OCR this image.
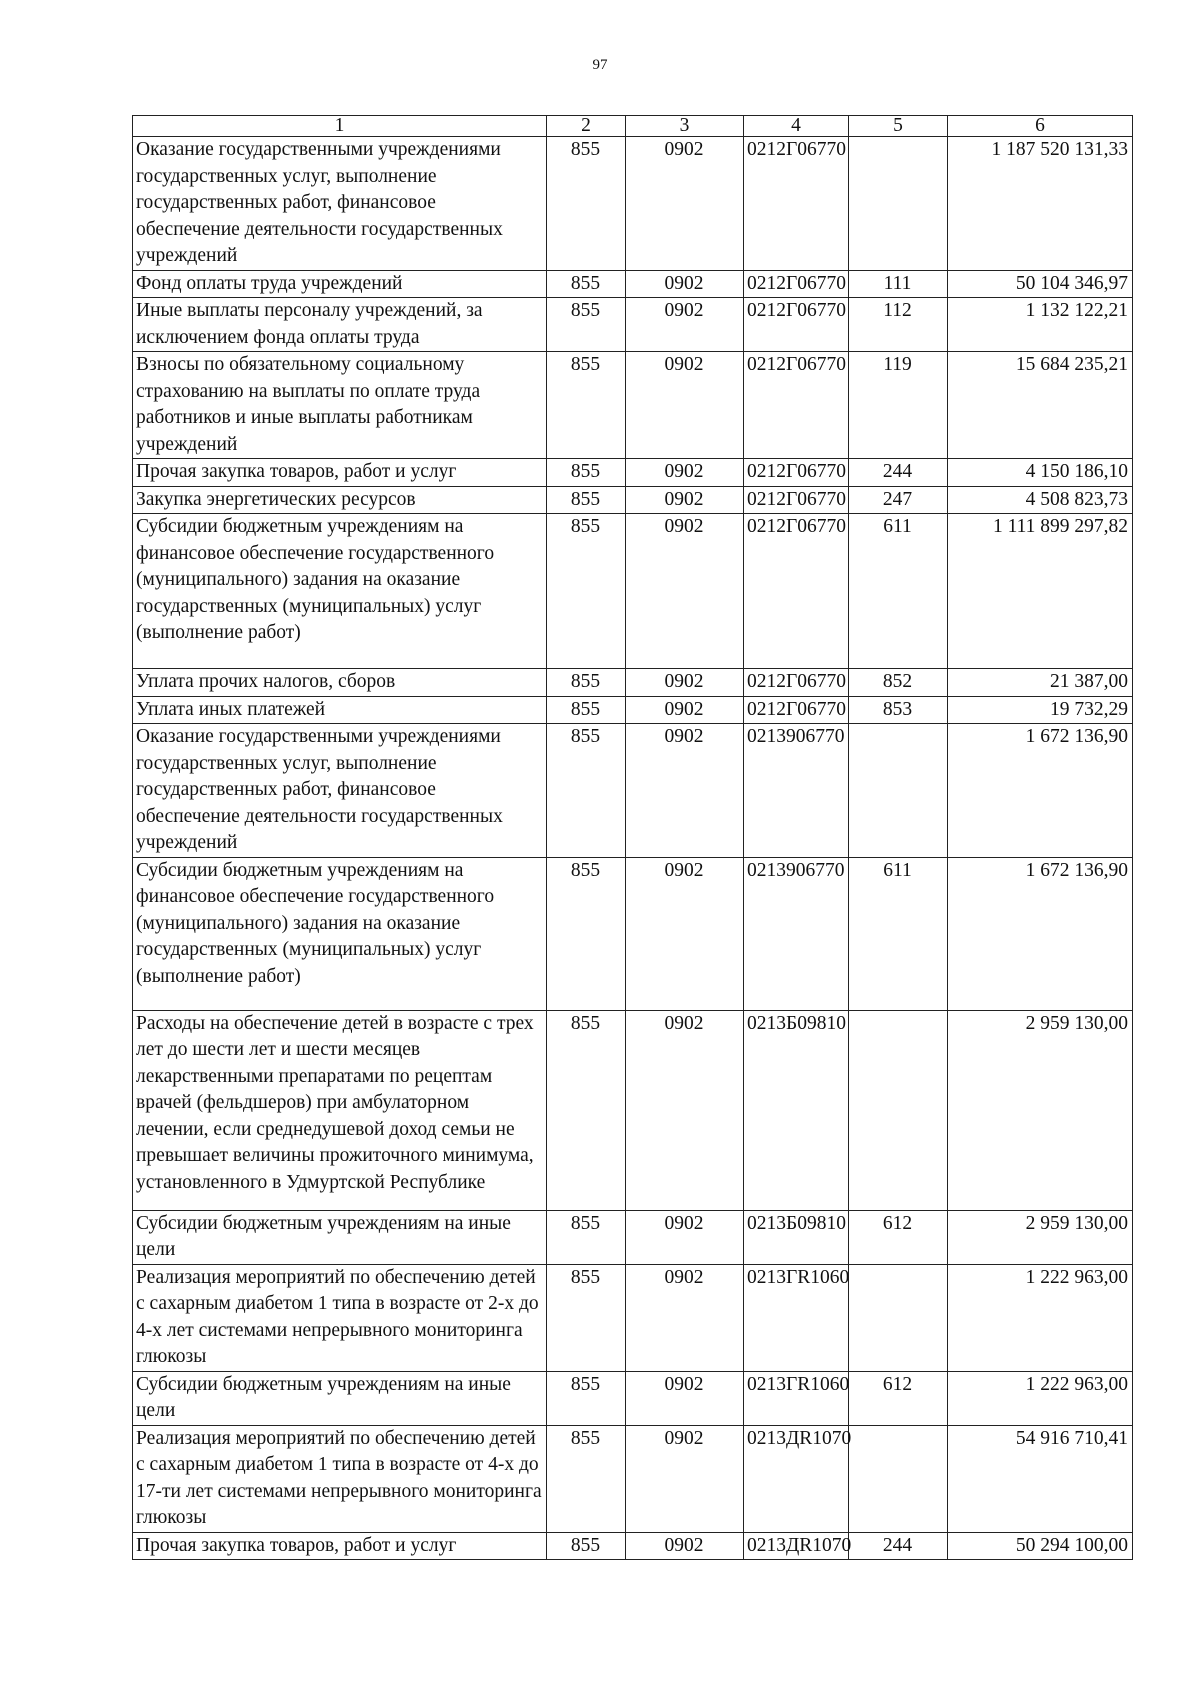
97
1	2	3	4	5	6
Оказание государственными учреждениями государственных услуг, выполнение государственных работ, финансовое обеспечение деятельности государственных учреждений	855	0902	0212Г06770		1 187 520 131,33
Фонд оплаты труда учреждений	855	0902	0212Г06770	111	50 104 346,97
Иные выплаты персоналу учреждений, за исключением фонда оплаты труда	855	0902	0212Г06770	112	1 132 122,21
Взносы по обязательному социальному страхованию на выплаты по оплате труда работников и иные выплаты работникам учреждений	855	0902	0212Г06770	119	15 684 235,21
Прочая закупка товаров, работ и услуг	855	0902	0212Г06770	244	4 150 186,10
Закупка энергетических ресурсов	855	0902	0212Г06770	247	4 508 823,73
Субсидии бюджетным учреждениям на финансовое обеспечение государственного (муниципального) задания на оказание государственных (муниципальных) услуг (выполнение работ)	855	0902	0212Г06770	611	1 111 899 297,82
Уплата прочих налогов, сборов	855	0902	0212Г06770	852	21 387,00
Уплата иных платежей	855	0902	0212Г06770	853	19 732,29
Оказание государственными учреждениями государственных услуг, выполнение государственных работ, финансовое обеспечение деятельности государственных учреждений	855	0902	0213906770		1 672 136,90
Субсидии бюджетным учреждениям на финансовое обеспечение государственного (муниципального) задания на оказание государственных (муниципальных) услуг (выполнение работ)	855	0902	0213906770	611	1 672 136,90
Расходы на обеспечение детей в возрасте с трех лет до шести лет и шести месяцев лекарственными препаратами по рецептам врачей (фельдшеров) при амбулаторном лечении, если среднедушевой доход семьи не превышает величины прожиточного минимума, установленного в Удмуртской Республике	855	0902	0213Б09810		2 959 130,00
Субсидии бюджетным учреждениям на иные цели	855	0902	0213Б09810	612	2 959 130,00
Реализация мероприятий по обеспечению детей с сахарным диабетом 1 типа в возрасте от 2-х до 4-х лет системами непрерывного мониторинга глюкозы	855	0902	0213ГR1060		1 222 963,00
Субсидии бюджетным учреждениям на иные цели	855	0902	0213ГR1060	612	1 222 963,00
Реализация мероприятий по обеспечению детей с сахарным диабетом 1 типа в возрасте от 4-х до 17-ти лет системами непрерывного мониторинга глюкозы	855	0902	0213ДR1070		54 916 710,41
Прочая закупка товаров, работ и услуг	855	0902	0213ДR1070	244	50 294 100,00
